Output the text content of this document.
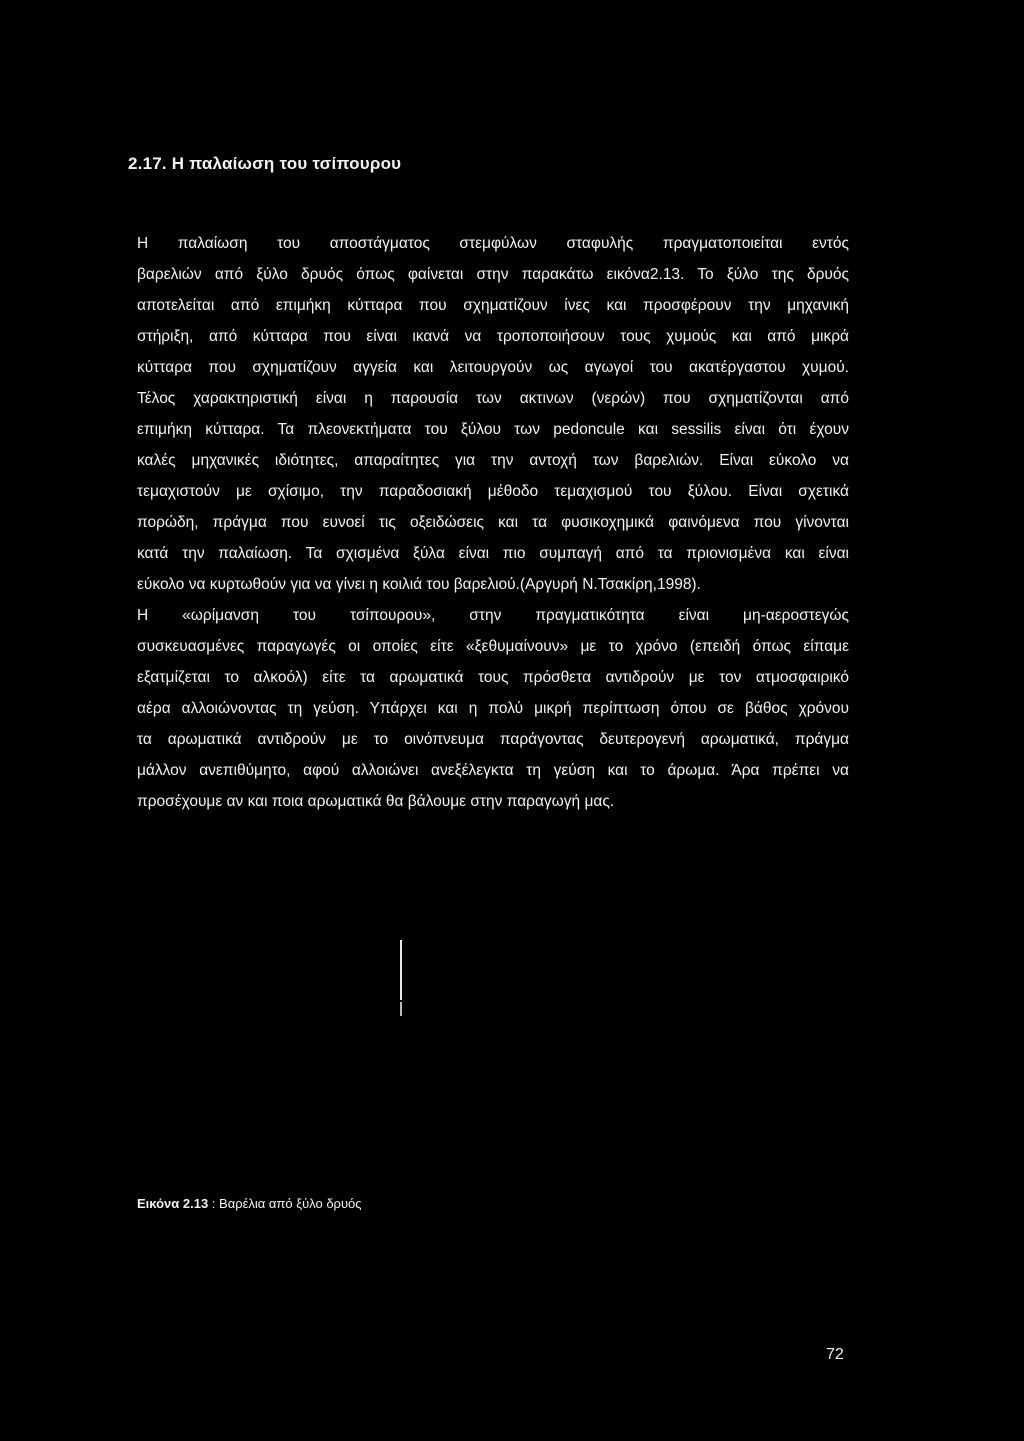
2.17. Η παλαίωση του τσίπουρου
Η παλαίωση του αποστάγματος στεμφύλων σταφυλής πραγματοποιείται εντός
βαρελιών από ξύλο δρυός όπως φαίνεται στην παρακάτω εικόνα2.13. Το ξύλο της δρυός
αποτελείται από επιμήκη κύτταρα που σχηματίζουν ίνες και προσφέρουν την μηχανική
στήριξη, από κύτταρα που είναι ικανά να τροποποιήσουν τους χυμούς και από μικρά
κύτταρα που σχηματίζουν αγγεία και λειτουργούν ως αγωγοί του ακατέργαστου χυμού.
Τέλος χαρακτηριστική είναι η παρουσία των ακτινων (νερών) που σχηματίζονται από
επιμήκη κύτταρα. Τα πλεονεκτήματα του ξύλου των pedoncule και sessilis είναι ότι έχουν
καλές μηχανικές ιδιότητες, απαραίτητες για την αντοχή των βαρελιών. Είναι εύκολο να
τεμαχιστούν με σχίσιμο, την παραδοσιακή μέθοδο τεμαχισμού του ξύλου. Είναι σχετικά
πορώδη, πράγμα που ευνοεί τις οξειδώσεις και τα φυσικοχημικά φαινόμενα που γίνονται
κατά την παλαίωση. Τα σχισμένα ξύλα είναι πιο συμπαγή από τα πριονισμένα και είναι
εύκολο να κυρτωθούν για να γίνει η κοιλιά του βαρελιού.(Αργυρή Ν.Τσακίρη,1998).
Η «ωρίμανση του τσίπουρου», στην πραγματικότητα είναι μη-αεροστεγώς
συσκευασμένες παραγωγές οι οποίες είτε «ξεθυμαίνουν» με το χρόνο (επειδή όπως είπαμε
εξατμίζεται το αλκοόλ) είτε τα αρωματικά τους πρόσθετα αντιδρούν με τον ατμοσφαιρικό
αέρα αλλοιώνοντας τη γεύση. Υπάρχει και η πολύ μικρή περίπτωση όπου σε βάθος χρόνου
τα αρωματικά αντιδρούν με το οινόπνευμα παράγοντας δευτερογενή αρωματικά, πράγμα
μάλλον ανεπιθύμητο, αφού αλλοιώνει ανεξέλεγκτα τη γεύση και το άρωμα. Άρα πρέπει να
προσέχουμε αν και ποια αρωματικά θα βάλουμε στην παραγωγή μας.
Εικόνα 2.13 : Βαρέλια από ξύλο δρυός
72
